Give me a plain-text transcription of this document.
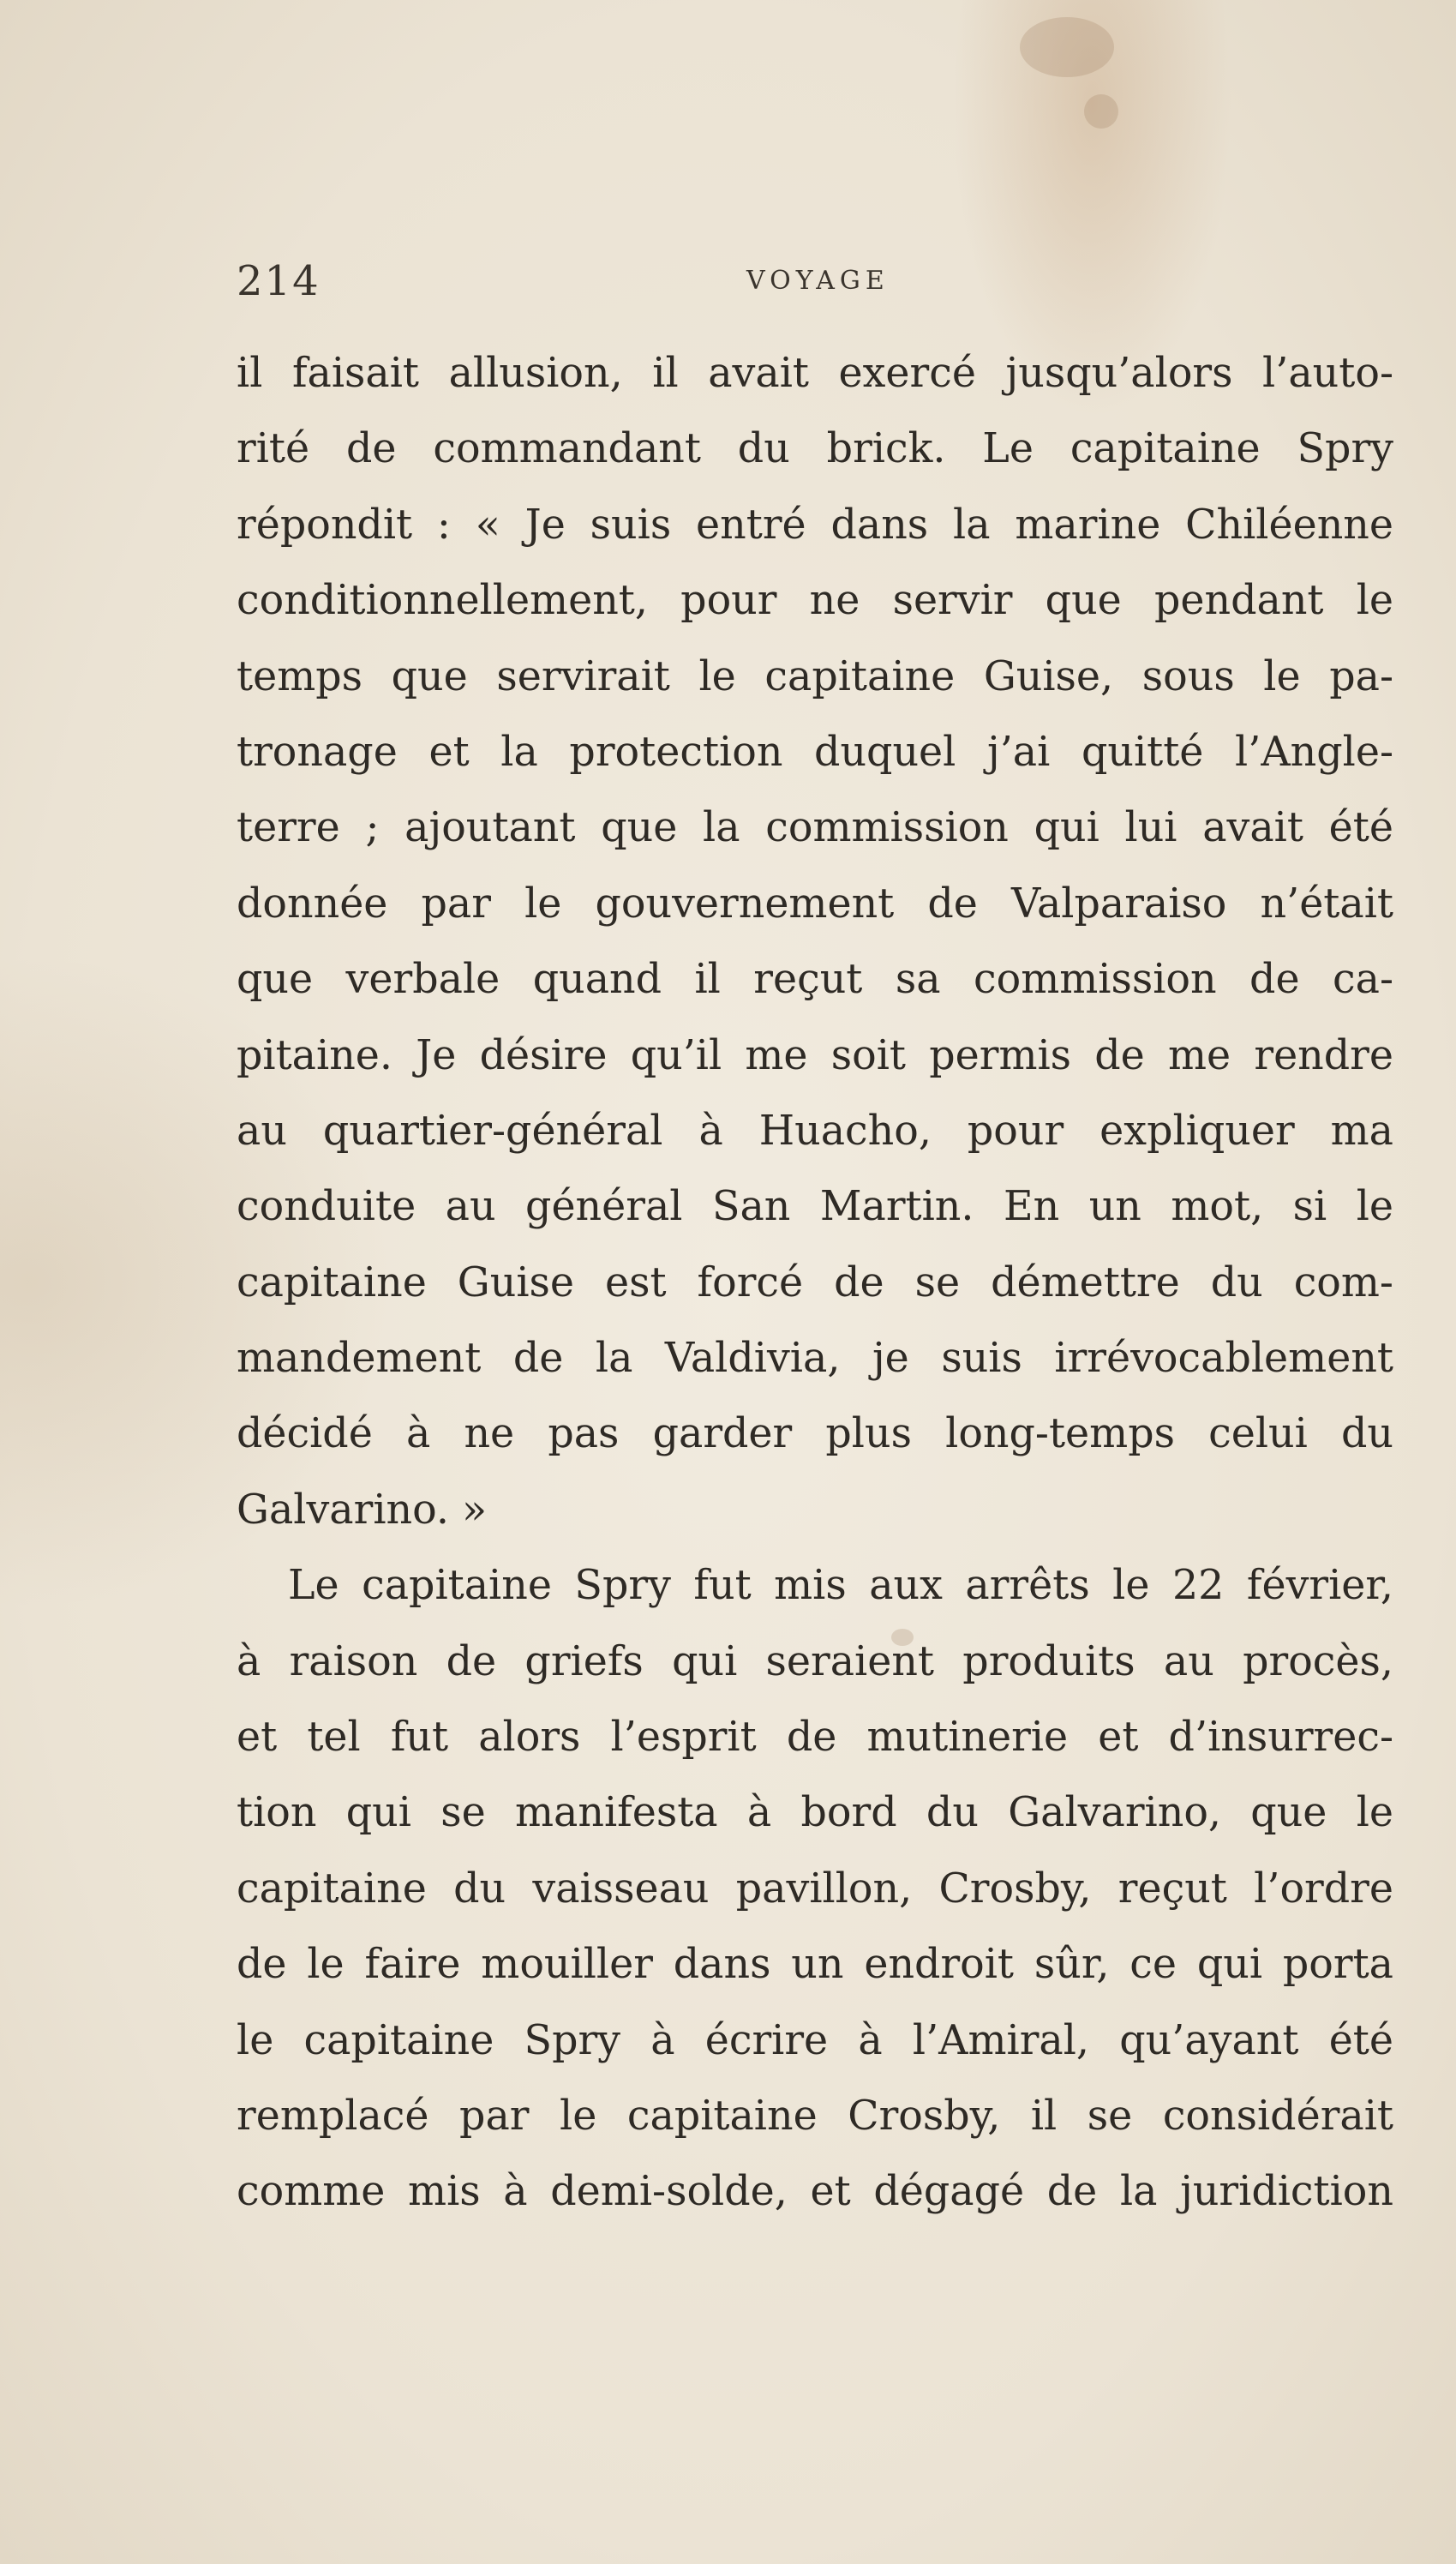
214	VOYAGE
il faisait allusion, il avait exercé jusqu’alors l’auto-
rité de commandant du brick. Le capitaine Spry
répondit : « Je suis entré dans la marine Chiléenne
conditionnellement, pour ne servir que pendant le
temps que servirait le capitaine Guise, sous le pa-
tronage et la protection duquel j’ai quitté l’Angle-
terre ; ajoutant que la commission qui lui avait été
donnée par le gouvernement de Valparaiso n’était
que verbale quand il reçut sa commission de ca-
pitaine. Je désire qu’il me soit permis de me rendre
au quartier-général à Huacho, pour expliquer ma
conduite au général San Martin. En un mot, si le
capitaine Guise est forcé de se démettre du com-
mandement de la Valdivia, je suis irrévocablement
décidé à ne pas garder plus long-temps celui du
Galvarino. »
Le capitaine Spry fut mis aux arrêts le 22 février,
à raison de griefs qui seraient produits au procès,
et tel fut alors l’esprit de mutinerie et d’insurrec-
tion qui se manifesta à bord du Galvarino, que le
capitaine du vaisseau pavillon, Crosby, reçut l’ordre
de le faire mouiller dans un endroit sûr, ce qui porta
le capitaine Spry à écrire à l’Amiral, qu’ayant été
remplacé par le capitaine Crosby, il se considérait
comme mis à demi-solde, et dégagé de la juridiction
